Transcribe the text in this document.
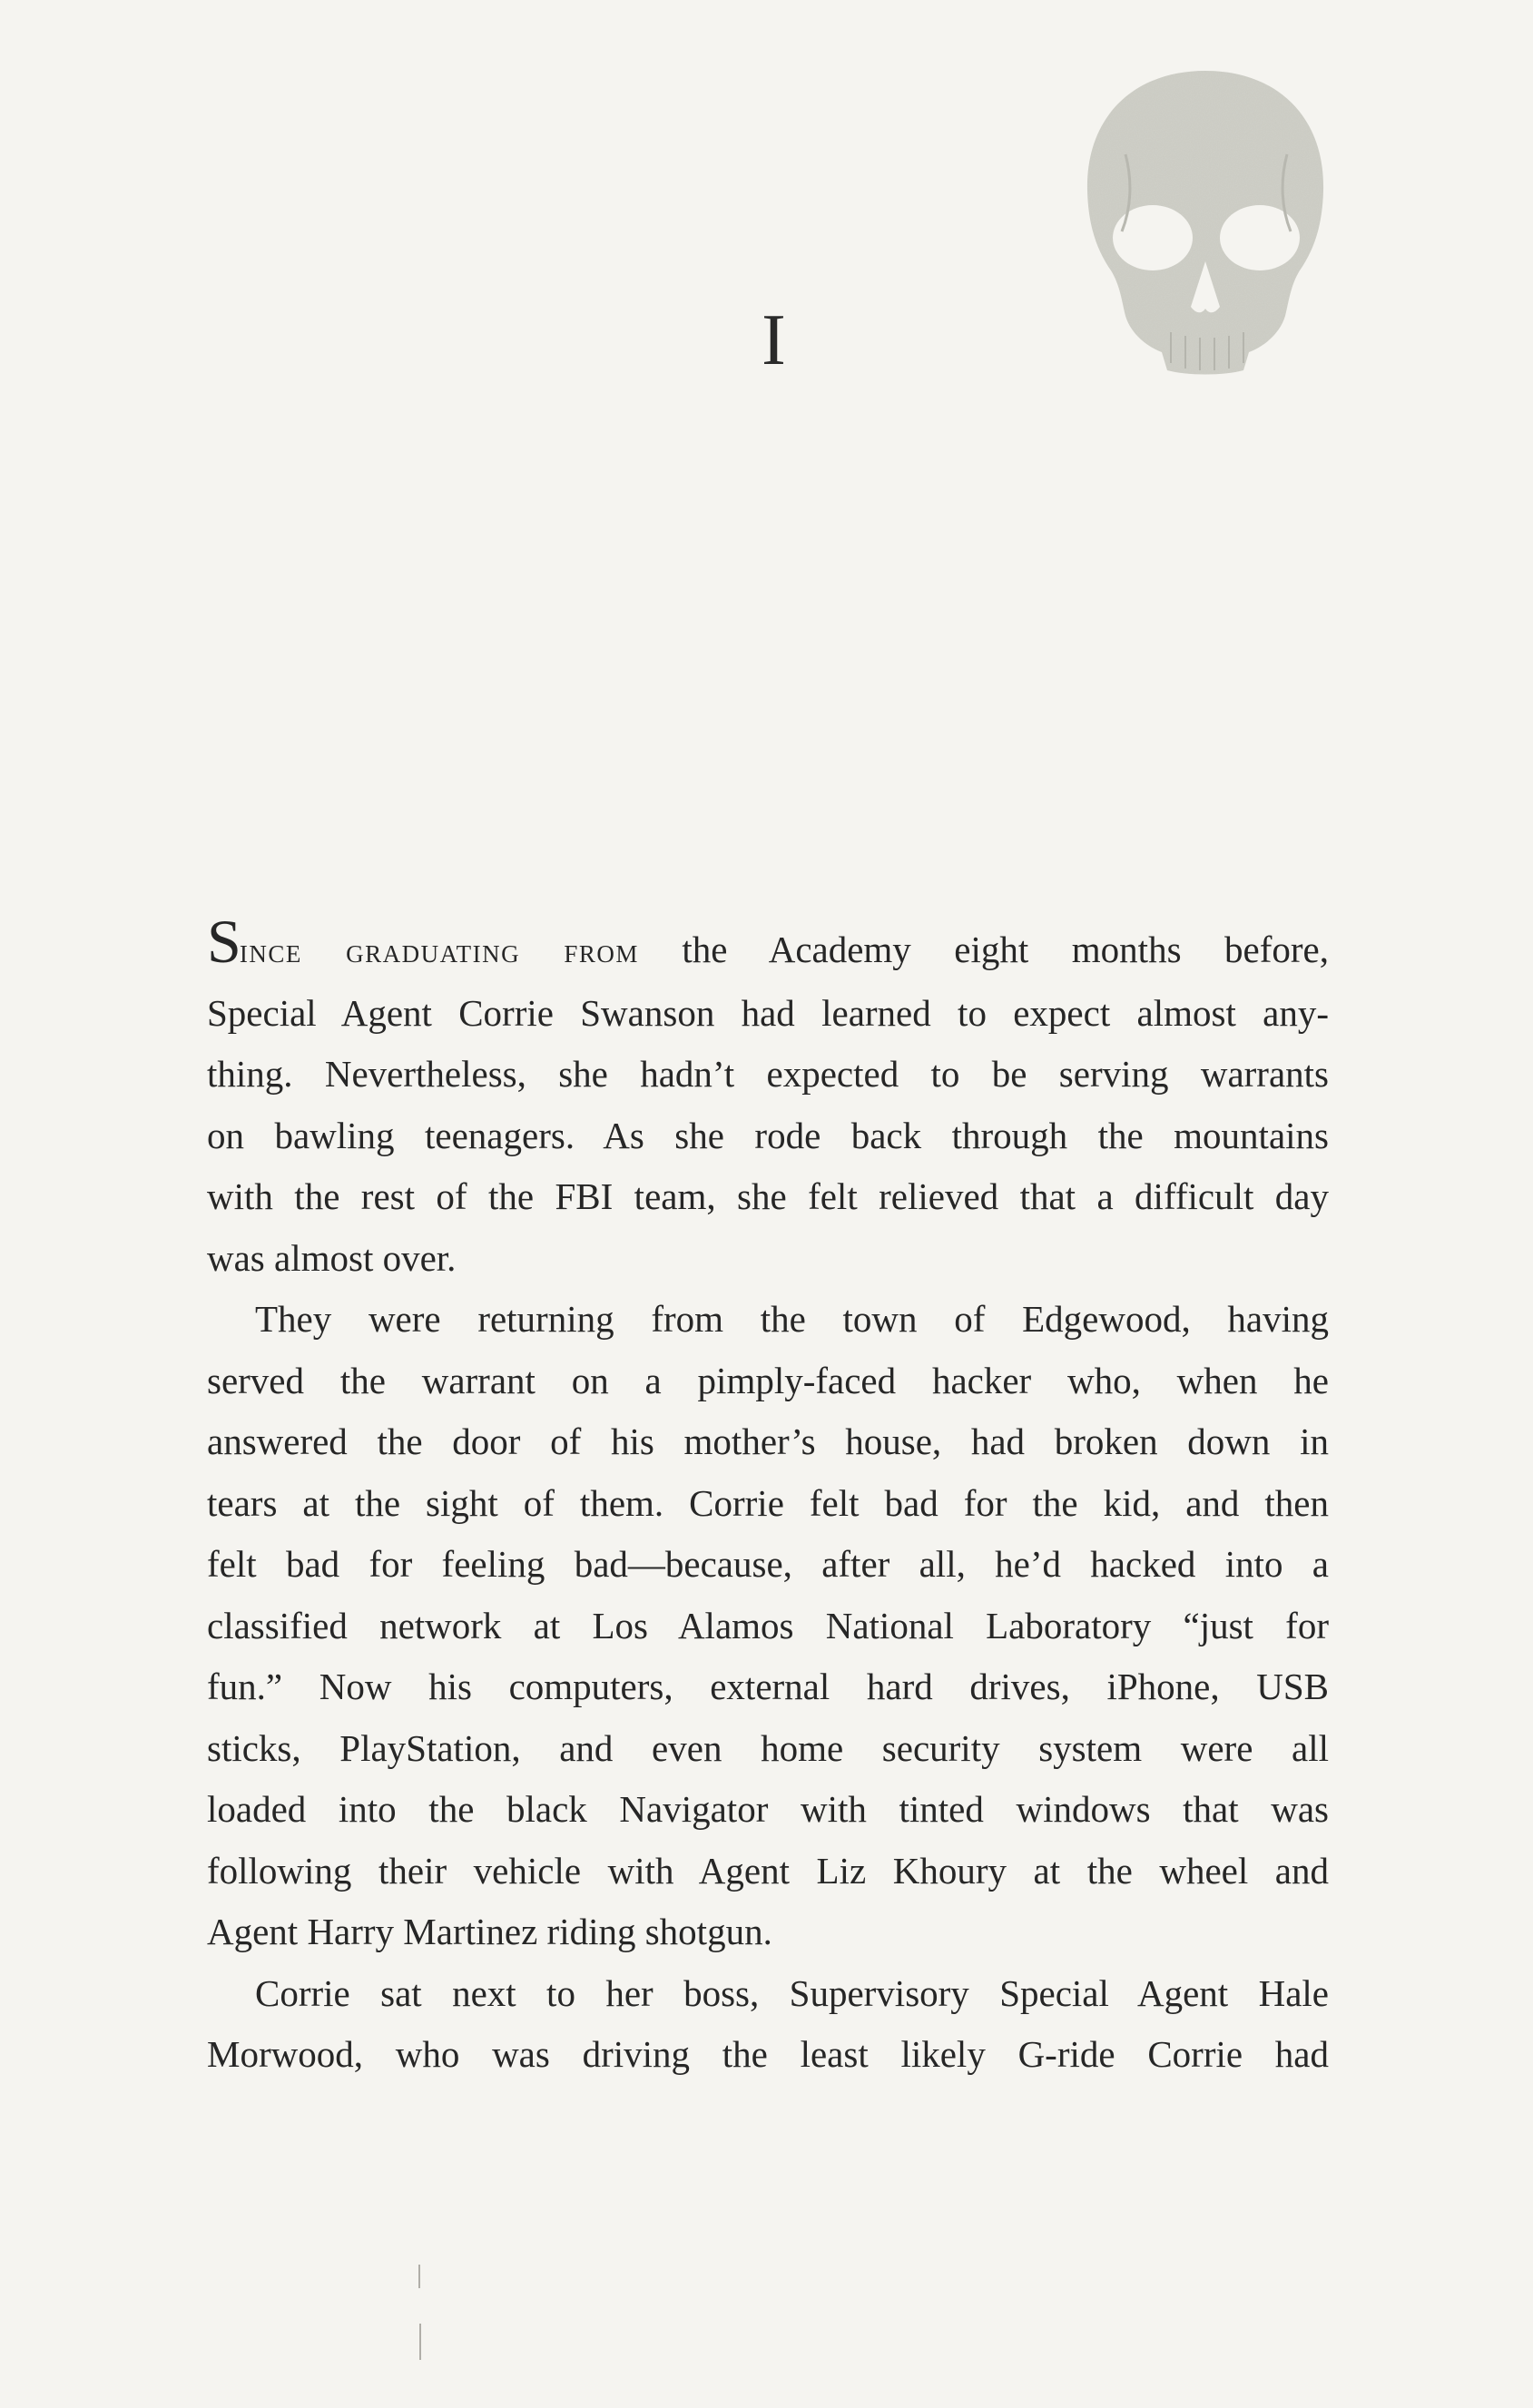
I

Since graduating from the Academy eight months before,
Special Agent Corrie Swanson had learned to expect almost any-
thing. Nevertheless, she hadn’t expected to be serving warrants
on bawling teenagers. As she rode back through the mountains
with the rest of the FBI team, she felt relieved that a difficult day
was almost over.

They were returning from the town of Edgewood, having
served the warrant on a pimply-faced hacker who, when he
answered the door of his mother’s house, had broken down in
tears at the sight of them. Corrie felt bad for the kid, and then
felt bad for feeling bad—because, after all, he’d hacked into a
classified network at Los Alamos National Laboratory “just for
fun.” Now his computers, external hard drives, iPhone, USB
sticks, PlayStation, and even home security system were all
loaded into the black Navigator with tinted windows that was
following their vehicle with Agent Liz Khoury at the wheel and
Agent Harry Martinez riding shotgun.

Corrie sat next to her boss, Supervisory Special Agent Hale
Morwood, who was driving the least likely G-ride Corrie had
